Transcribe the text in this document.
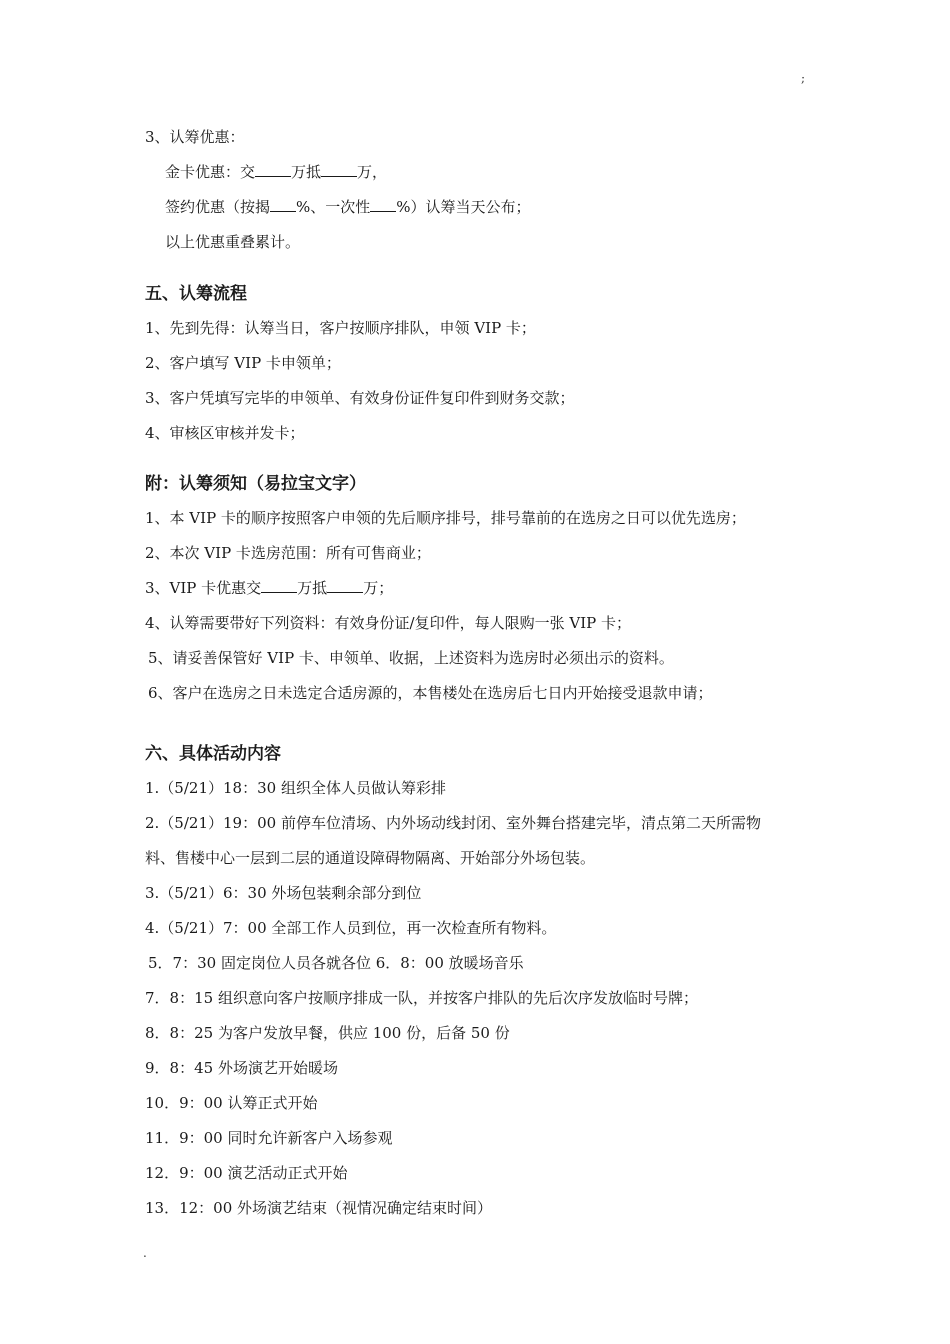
;
3、认筹优惠：
金卡优惠：交 万抵 万，
签约优惠（按揭 %、一次性 %）认筹当天公布；
以上优惠重叠累计。
五、认筹流程
1、先到先得：认筹当日，客户按顺序排队，申领 VIP 卡；
2、客户填写 VIP 卡申领单；
3、客户凭填写完毕的申领单、有效身份证件复印件到财务交款；
4、审核区审核并发卡；
附：认筹须知（易拉宝文字）
1、本 VIP 卡的顺序按照客户申领的先后顺序排号，排号靠前的在选房之日可以优先选房；
2、本次 VIP 卡选房范围：所有可售商业；
3、VIP 卡优惠交 万抵 万；
4、认筹需要带好下列资料：有效身份证/复印件，每人限购一张 VIP 卡；
5、请妥善保管好 VIP 卡、申领单、收据，上述资料为选房时必须出示的资料。
6、客户在选房之日未选定合适房源的，本售楼处在选房后七日内开始接受退款申请；
六、具体活动内容
1.（5/21）18：30 组织全体人员做认筹彩排
2.（5/21）19：00 前停车位清场、内外场动线封闭、室外舞台搭建完毕，清点第二天所需物
料、售楼中心一层到二层的通道设障碍物隔离、开始部分外场包装。
3.（5/21）6：30 外场包装剩余部分到位
4.（5/21）7：00 全部工作人员到位，再一次检查所有物料。
5．7：30 固定岗位人员各就各位 6．8：00 放暖场音乐
7．8：15 组织意向客户按顺序排成一队，并按客户排队的先后次序发放临时号牌；
8．8：25 为客户发放早餐，供应 100 份，后备 50 份
9．8：45 外场演艺开始暖场
10．9：00 认筹正式开始
11．9：00 同时允许新客户入场参观
12．9：00 演艺活动正式开始
13．12：00 外场演艺结束（视情况确定结束时间）
.
